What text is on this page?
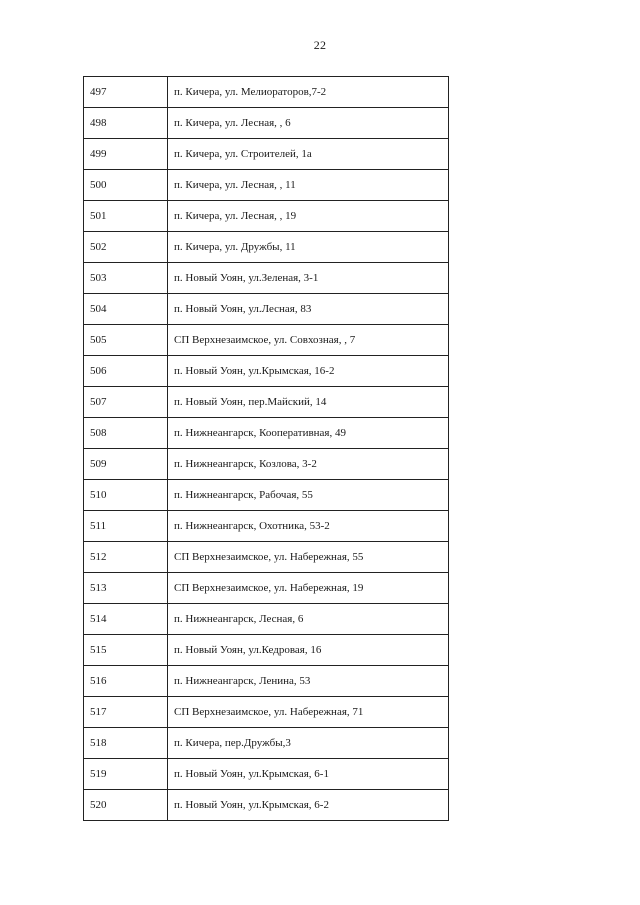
22
497	п. Кичера, ул. Мелиораторов,7-2
498	п. Кичера, ул. Лесная, , 6
499	п. Кичера, ул. Строителей, 1а
500	п. Кичера, ул. Лесная, , 11
501	п. Кичера, ул. Лесная, , 19
502	п. Кичера, ул. Дружбы, 11
503	п. Новый Уоян, ул.Зеленая, 3-1
504	п. Новый Уоян, ул.Лесная, 83
505	СП Верхнезаимское, ул. Совхозная, , 7
506	п. Новый Уоян, ул.Крымская, 16-2
507	п. Новый Уоян, пер.Майский, 14
508	п. Нижнеангарск, Кооперативная, 49
509	п. Нижнеангарск, Козлова, 3-2
510	п. Нижнеангарск, Рабочая, 55
511	п. Нижнеангарск, Охотника, 53-2
512	СП Верхнезаимское, ул. Набережная, 55
513	СП Верхнезаимское, ул. Набережная, 19
514	п. Нижнеангарск, Лесная, 6
515	п. Новый Уоян, ул.Кедровая, 16
516	п. Нижнеангарск, Ленина, 53
517	СП Верхнезаимское, ул. Набережная, 71
518	п. Кичера, пер.Дружбы,3
519	п. Новый Уоян, ул.Крымская, 6-1
520	п. Новый Уоян, ул.Крымская, 6-2
